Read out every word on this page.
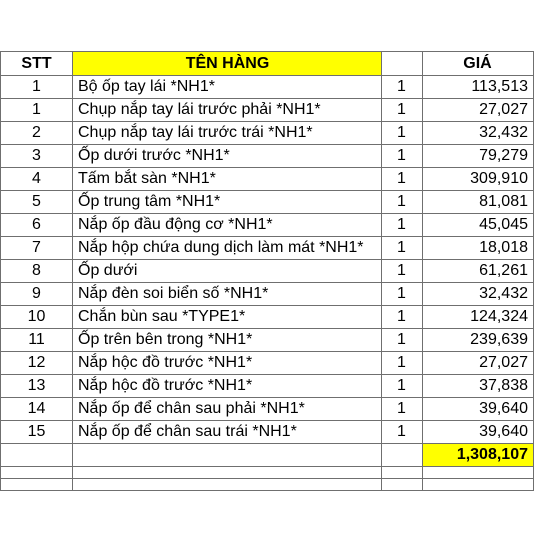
STT	TÊN HÀNG		GIÁ
1	Bộ ốp tay lái *NH1*	1	113,513
1	Chụp nắp tay lái trước phải *NH1*	1	27,027
2	Chụp nắp tay lái trước trái *NH1*	1	32,432
3	Ốp dưới trước *NH1*	1	79,279
4	Tấm bắt sàn *NH1*	1	309,910
5	Ốp trung tâm *NH1*	1	81,081
6	Nắp ốp đầu động cơ *NH1*	1	45,045
7	Nắp hộp chứa dung dịch làm mát *NH1*	1	18,018
8	Ốp dưới	1	61,261
9	Nắp đèn soi biển số *NH1*	1	32,432
10	Chắn bùn sau *TYPE1*	1	124,324
11	Ốp trên bên trong *NH1*	1	239,639
12	Nắp hộc đồ trước *NH1*	1	27,027
13	Nắp hộc đồ trước *NH1*	1	37,838
14	Nắp ốp để chân sau phải *NH1*	1	39,640
15	Nắp ốp để chân sau trái *NH1*	1	39,640
			1,308,107
